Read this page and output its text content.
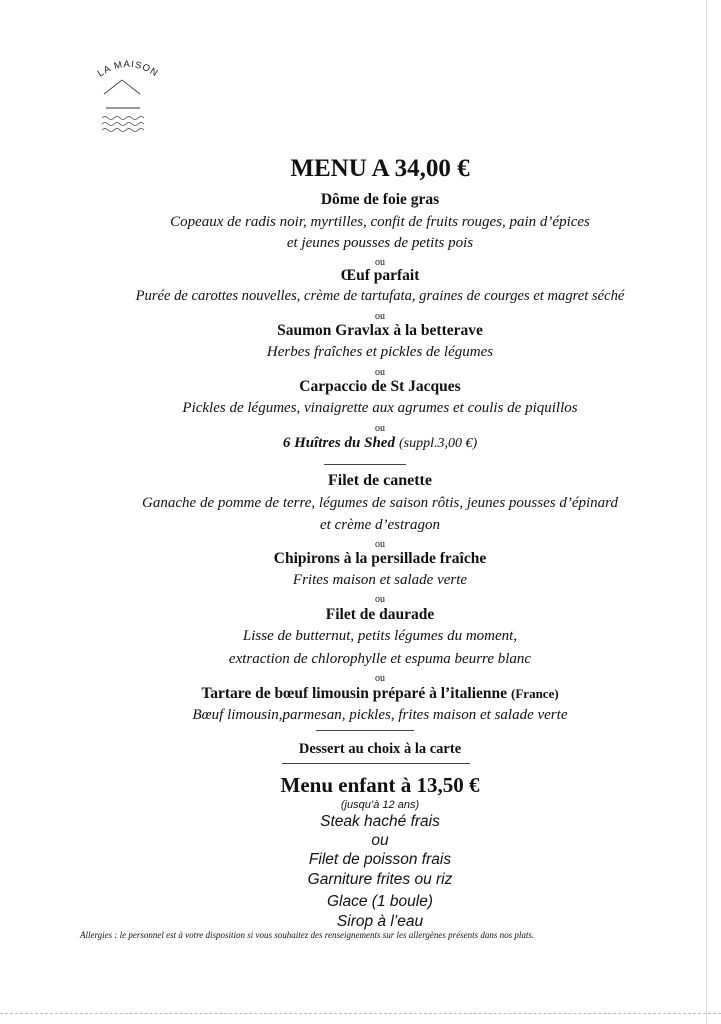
LA MAISON
MENU A 34,00 €
Dôme de foie gras
Copeaux de radis noir, myrtilles, confit de fruits rouges, pain d’épices
et jeunes pousses de petits pois
ou
Œuf parfait
Purée de carottes nouvelles, crème de tartufata, graines de courges et magret séché
ou
Saumon Gravlax à la betterave
Herbes fraîches et pickles de légumes
ou
Carpaccio de St Jacques
Pickles de légumes, vinaigrette aux agrumes et coulis de piquillos
ou
6 Huîtres du Shed (suppl.3,00 €)
Filet de canette
Ganache de pomme de terre, légumes de saison rôtis, jeunes pousses d’épinard
et crème d’estragon
ou
Chipirons à la persillade fraîche
Frites maison et salade verte
ou
Filet de daurade
Lisse de butternut, petits légumes du moment,
extraction de chlorophylle et espuma beurre blanc
ou
Tartare de bœuf limousin préparé à l’italienne (France)
Bœuf limousin,parmesan, pickles, frites maison et salade verte
Dessert au choix à la carte
Menu enfant à 13,50 €
(jusqu’à 12 ans)
Steak haché frais
ou
Filet de poisson frais
Garniture frites ou riz
Glace (1 boule)
Sirop à l’eau
Allergies : le personnel est à votre disposition si vous souhaitez des renseignements sur les allergènes présents dans nos plats.
